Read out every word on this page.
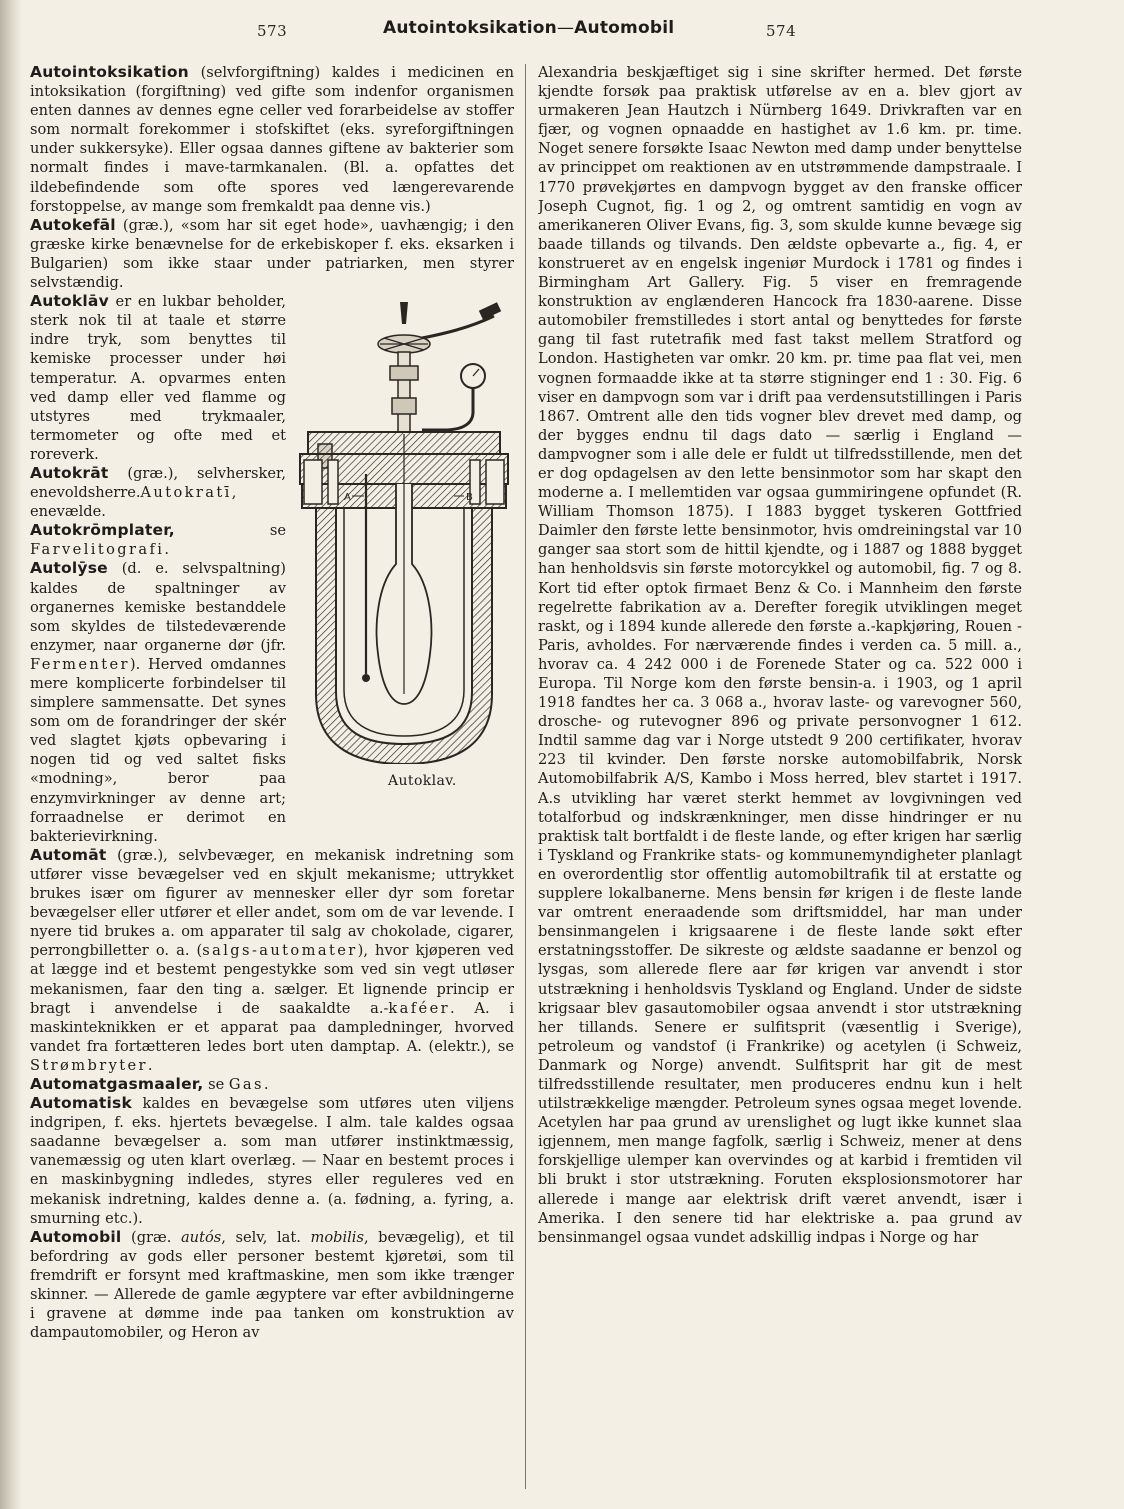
573	Autointoksikation—Automobil	574

Autointoksikation (selvforgiftning) kaldes i medicinen en intoksikation (forgiftning) ved gifte som indenfor organismen enten dannes av dennes egne celler ved forarbeidelse av stoffer som normalt forekommer i stofskiftet (eks. syreforgiftningen under sukkersyke). Eller ogsaa dannes giftene av bakterier som normalt findes i mave-tarmkanalen. (Bl. a. opfattes det ildebefindende som ofte spores ved længerevarende forstoppelse, av mange som fremkaldt paa denne vis.)

Autokefāl (græ.), «som har sit eget hode», uavhængig; i den græske kirke benævnelse for de erkebiskoper f. eks. eksarken i Bulgarien) som ikke staar under patriarken, men styrer selvstændig.

A	B
Autoklav.

Autoklāv er en lukbar beholder, sterk nok til at taale et større indre tryk, som benyttes til kemiske processer under høi temperatur. A. opvarmes enten ved damp eller ved flamme og utstyres med trykmaaler, termometer og ofte med et roreverk.

Autokrāt (græ.), selvhersker, enevoldsherre.Autokratī, enevælde.

Autokrōmplater, se Farvelitografi.

Autolȳse (d. e. selvspaltning) kaldes de spaltninger av organernes kemiske bestanddele som skyldes de tilstedeværende enzymer, naar organerne dør (jfr. Fermenter). Herved omdannes mere komplicerte forbindelser til simplere sammensatte. Det synes som om de forandringer der skér ved slagtet kjøts opbevaring i nogen tid og ved saltet fisks «modning», beror paa enzymvirkninger av denne art; forraadnelse er derimot en bakterievirkning.

Automāt (græ.), selvbevæger, en mekanisk indretning som utfører visse bevægelser ved en skjult mekanisme; uttrykket brukes især om figurer av mennesker eller dyr som foretar bevægelser eller utfører et eller andet, som om de var levende. I nyere tid brukes a. om apparater til salg av chokolade, cigarer, perrongbilletter o. a. (salgs-automater), hvor kjøperen ved at lægge ind et bestemt pengestykke som ved sin vegt utløser mekanismen, faar den ting a. sælger. Et lignende princip er bragt i anvendelse i de saakaldte a.-kaféer. A. i maskinteknikken er et apparat paa dampledninger, hvorved vandet fra fortætteren ledes bort uten damptap. A. (elektr.), se Strømbryter.

Automatgasmaaler, se Gas.

Automatisk kaldes en bevægelse som utføres uten viljens indgripen, f. eks. hjertets bevægelse. I alm. tale kaldes ogsaa saadanne bevægelser a. som man utfører instinktmæssig, vanemæssig og uten klart overlæg. — Naar en bestemt proces i en maskinbygning indledes, styres eller reguleres ved en mekanisk indretning, kaldes denne a. (a. fødning, a. fyring, a. smurning etc.).

Automobil (græ. autós, selv, lat. mobilis, bevægelig), et til befordring av gods eller personer bestemt kjøretøi, som til fremdrift er forsynt med kraftmaskine, men som ikke trænger skinner. — Allerede de gamle ægyptere var efter avbildningerne i gravene at dømme inde paa tanken om konstruktion av dampautomobiler, og Heron av

Alexandria beskjæftiget sig i sine skrifter hermed. Det første kjendte forsøk paa praktisk utførelse av en a. blev gjort av urmakeren Jean Hautzch i Nürnberg 1649. Drivkraften var en fjær, og vognen opnaadde en hastighet av 1.6 km. pr. time. Noget senere forsøkte Isaac Newton med damp under benyttelse av princippet om reaktionen av en utstrømmende dampstraale. I 1770 prøvekjørtes en dampvogn bygget av den franske officer Joseph Cugnot, fig. 1 og 2, og omtrent samtidig en vogn av amerikaneren Oliver Evans, fig. 3, som skulde kunne bevæge sig baade tillands og tilvands. Den ældste opbevarte a., fig. 4, er konstrueret av en engelsk ingeniør Murdock i 1781 og findes i Birmingham Art Gallery. Fig. 5 viser en fremragende konstruktion av englænderen Hancock fra 1830-aarene. Disse automobiler fremstilledes i stort antal og benyttedes for første gang til fast rutetrafik med fast takst mellem Stratford og London. Hastigheten var omkr. 20 km. pr. time paa flat vei, men vognen formaadde ikke at ta større stigninger end 1 : 30. Fig. 6 viser en dampvogn som var i drift paa verdensutstillingen i Paris 1867. Omtrent alle den tids vogner blev drevet med damp, og der bygges endnu til dags dato — særlig i England — dampvogner som i alle dele er fuldt ut tilfredsstillende, men det er dog opdagelsen av den lette bensinmotor som har skapt den moderne a. I mellemtiden var ogsaa gummiringene opfundet (R. William Thomson 1875). I 1883 bygget tyskeren Gottfried Daimler den første lette bensinmotor, hvis omdreiningstal var 10 ganger saa stort som de hittil kjendte, og i 1887 og 1888 bygget han henholdsvis sin første motorcykkel og automobil, fig. 7 og 8. Kort tid efter optok firmaet Benz & Co. i Mannheim den første regelrette fabrikation av a. Derefter foregik utviklingen meget raskt, og i 1894 kunde allerede den første a.-kapkjøring, Rouen - Paris, avholdes. For nærværende findes i verden ca. 5 mill. a., hvorav ca. 4 242 000 i de Forenede Stater og ca. 522 000 i Europa. Til Norge kom den første bensin-a. i 1903, og 1 april 1918 fandtes her ca. 3 068 a., hvorav laste- og varevogner 560, drosche- og rutevogner 896 og private personvogner 1 612. Indtil samme dag var i Norge utstedt 9 200 certifikater, hvorav 223 til kvinder. Den første norske automobilfabrik, Norsk Automobilfabrik A/S, Kambo i Moss herred, blev startet i 1917. A.s utvikling har været sterkt hemmet av lovgivningen ved totalforbud og indskrænkninger, men disse hindringer er nu praktisk talt bortfaldt i de fleste lande, og efter krigen har særlig i Tyskland og Frankrike stats- og kommunemyndigheter planlagt en overordentlig stor offentlig automobiltrafik til at erstatte og supplere lokalbanerne. Mens bensin før krigen i de fleste lande var omtrent eneraadende som driftsmiddel, har man under bensinmangelen i krigsaarene i de fleste lande søkt efter erstatningsstoffer. De sikreste og ældste saadanne er benzol og lysgas, som allerede flere aar før krigen var anvendt i stor utstrækning i henholdsvis Tyskland og England. Under de sidste krigsaar blev gasautomobiler ogsaa anvendt i stor utstrækning her tillands. Senere er sulfitsprit (væsentlig i Sverige), petroleum og vandstof (i Frankrike) og acetylen (i Schweiz, Danmark og Norge) anvendt. Sulfitsprit har git de mest tilfredsstillende resultater, men produceres endnu kun i helt utilstrækkelige mængder. Petroleum synes ogsaa meget lovende. Acetylen har paa grund av urenslighet og lugt ikke kunnet slaa igjennem, men mange fagfolk, særlig i Schweiz, mener at dens forskjellige ulemper kan overvindes og at karbid i fremtiden vil bli brukt i stor utstrækning. Foruten eksplosionsmotorer har allerede i mange aar elektrisk drift været anvendt, især i Amerika. I den senere tid har elektriske a. paa grund av bensinmangel ogsaa vundet adskillig indpas i Norge og har
